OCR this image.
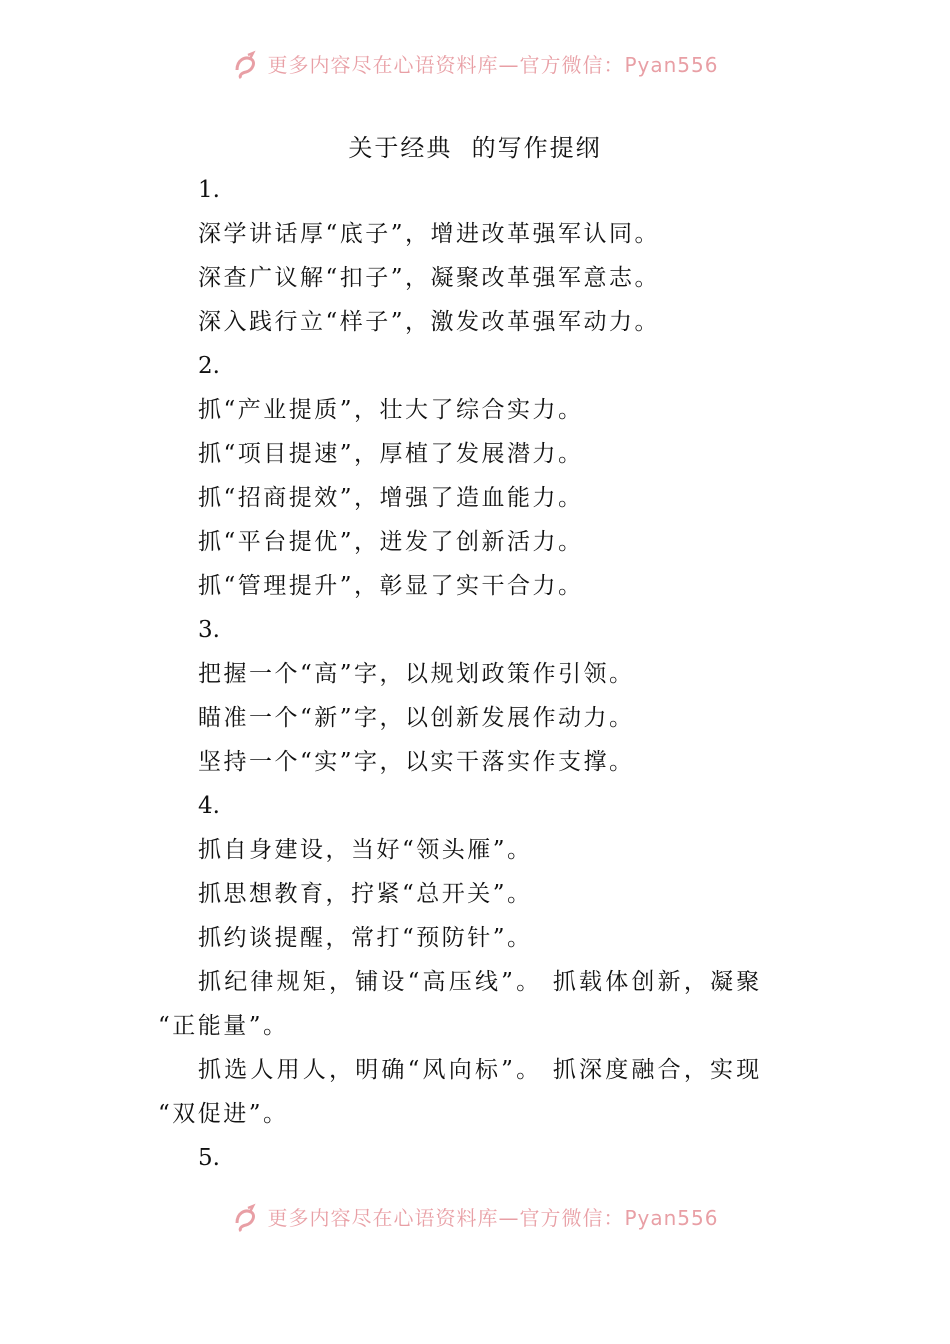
更多内容尽在心语资料库—官方微信：Pyan556
关于经典  的写作提纲
1.
深学讲话厚“底子”，增进改革强军认同。
深查广议解“扣子”，凝聚改革强军意志。
深入践行立“样子”，激发改革强军动力。
2.
抓“产业提质”，壮大了综合实力。
抓“项目提速”，厚植了发展潜力。
抓“招商提效”，增强了造血能力。
抓“平台提优”，迸发了创新活力。
抓“管理提升”，彰显了实干合力。
3.
把握一个“高”字，以规划政策作引领。
瞄准一个“新”字，以创新发展作动力。
坚持一个“实”字，以实干落实作支撑。
4.
抓自身建设，当好“领头雁”。
抓思想教育，拧紧“总开关”。
抓约谈提醒，常打“预防针”。
抓纪律规矩，铺设“高压线”。 抓载体创新，凝聚
“正能量”。
抓选人用人，明确“风向标”。 抓深度融合，实现
“双促进”。
5.
更多内容尽在心语资料库—官方微信：Pyan556
